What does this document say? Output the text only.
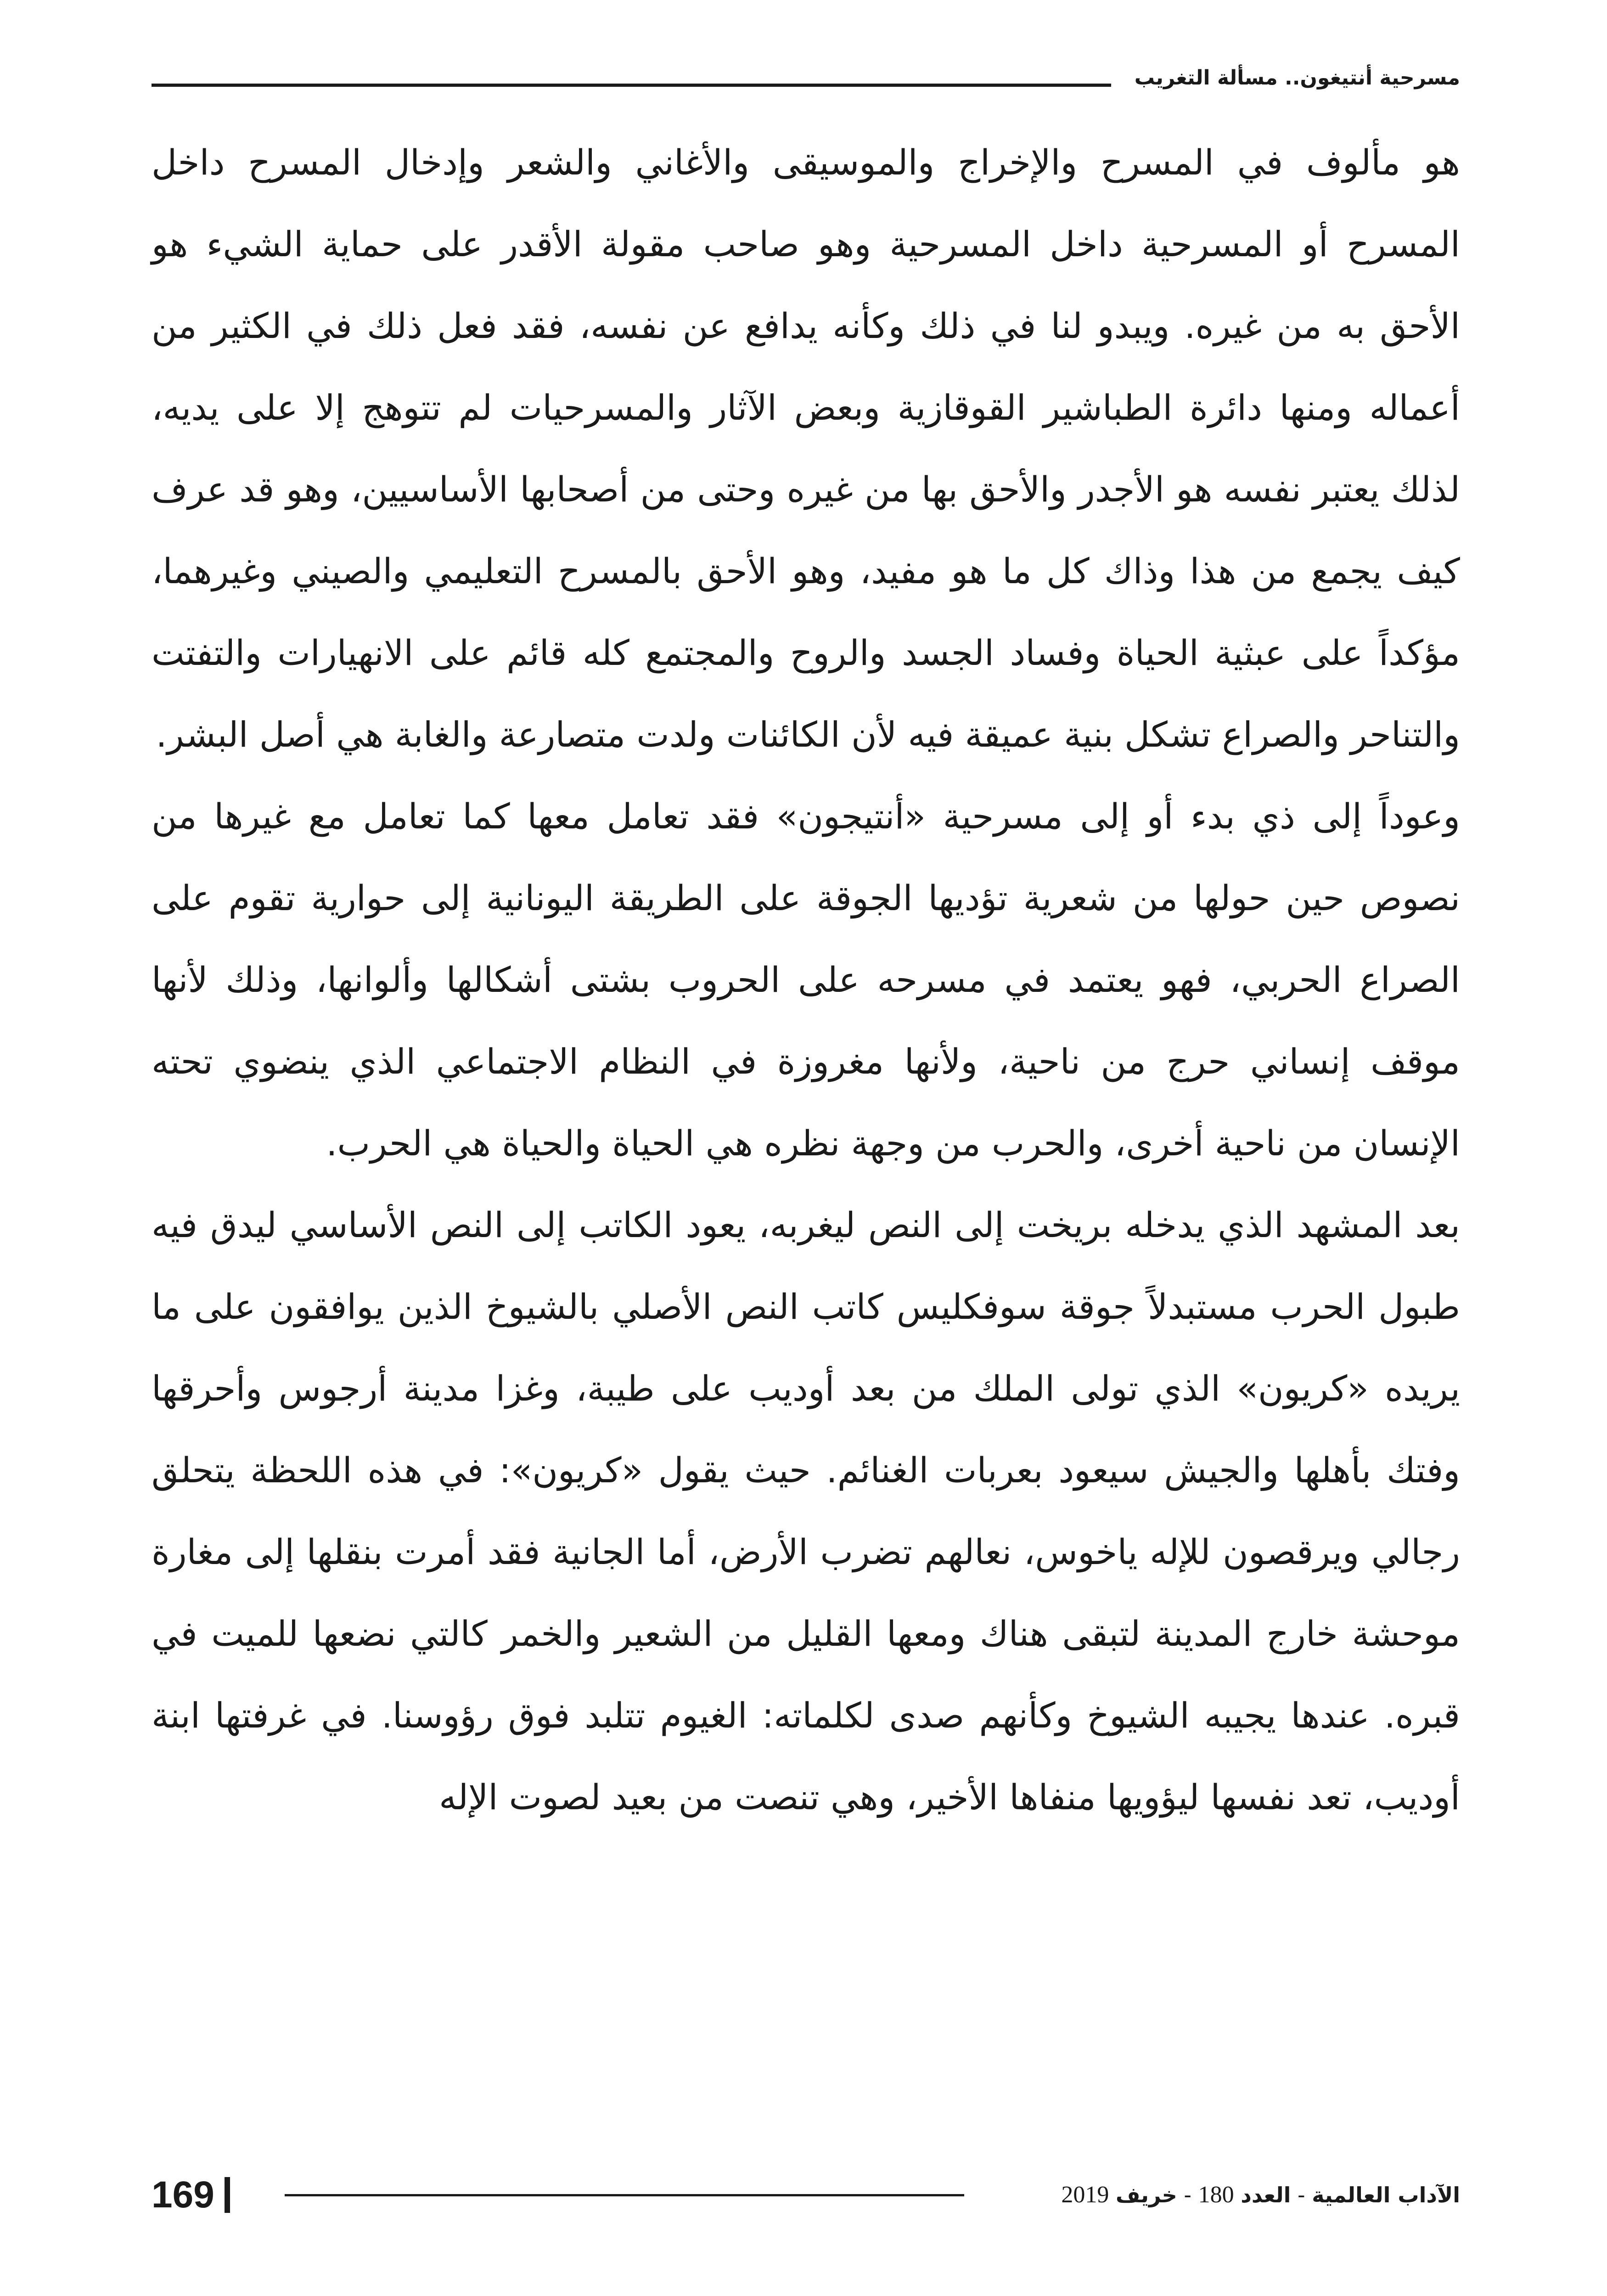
مسرحية أنتيغون.. مسألة التغريب

هو مألوف في المسرح والإخراج والموسيقى والأغاني والشعر وإدخال المسرح داخل المسرح أو المسرحية داخل المسرحية وهو صاحب مقولة الأقدر على حماية الشيء هو الأحق به من غيره. ويبدو لنا في ذلك وكأنه يدافع عن نفسه، فقد فعل ذلك في الكثير من أعماله ومنها دائرة الطباشير القوقازية وبعض الآثار والمسرحيات لم تتوهج إلا على يديه، لذلك يعتبر نفسه هو الأجدر والأحق بها من غيره وحتى من أصحابها الأساسيين، وهو قد عرف كيف يجمع من هذا وذاك كل ما هو مفيد، وهو الأحق بالمسرح التعليمي والصيني وغيرهما، مؤكداً على عبثية الحياة وفساد الجسد والروح والمجتمع كله قائم على الانهيارات والتفتت والتناحر والصراع تشكل بنية عميقة فيه لأن الكائنات ولدت متصارعة والغابة هي أصل البشر.

وعوداً إلى ذي بدء أو إلى مسرحية «أنتيجون» فقد تعامل معها كما تعامل مع غيرها من نصوص حين حولها من شعرية تؤديها الجوقة على الطريقة اليونانية إلى حوارية تقوم على الصراع الحربي، فهو يعتمد في مسرحه على الحروب بشتى أشكالها وألوانها، وذلك لأنها موقف إنساني حرج من ناحية، ولأنها مغروزة في النظام الاجتماعي الذي ينضوي تحته الإنسان من ناحية أخرى، والحرب من وجهة نظره هي الحياة والحياة هي الحرب.

بعد المشهد الذي يدخله بريخت إلى النص ليغربه، يعود الكاتب إلى النص الأساسي ليدق فيه طبول الحرب مستبدلاً جوقة سوفكليس كاتب النص الأصلي بالشيوخ الذين يوافقون على ما يريده «كريون» الذي تولى الملك من بعد أوديب على طيبة، وغزا مدينة أرجوس وأحرقها وفتك بأهلها والجيش سيعود بعربات الغنائم. حيث يقول «كريون»: في هذه اللحظة يتحلق رجالي ويرقصون للإله ياخوس، نعالهم تضرب الأرض، أما الجانية فقد أمرت بنقلها إلى مغارة موحشة خارج المدينة لتبقى هناك ومعها القليل من الشعير والخمر كالتي نضعها للميت في قبره. عندها يجيبه الشيوخ وكأنهم صدى لكلماته: الغيوم تتلبد فوق رؤوسنا. في غرفتها ابنة أوديب، تعد نفسها ليؤويها منفاها الأخير، وهي تنصت من بعيد لصوت الإله

169	الآداب العالمية - العدد 180 - خريف 2019
